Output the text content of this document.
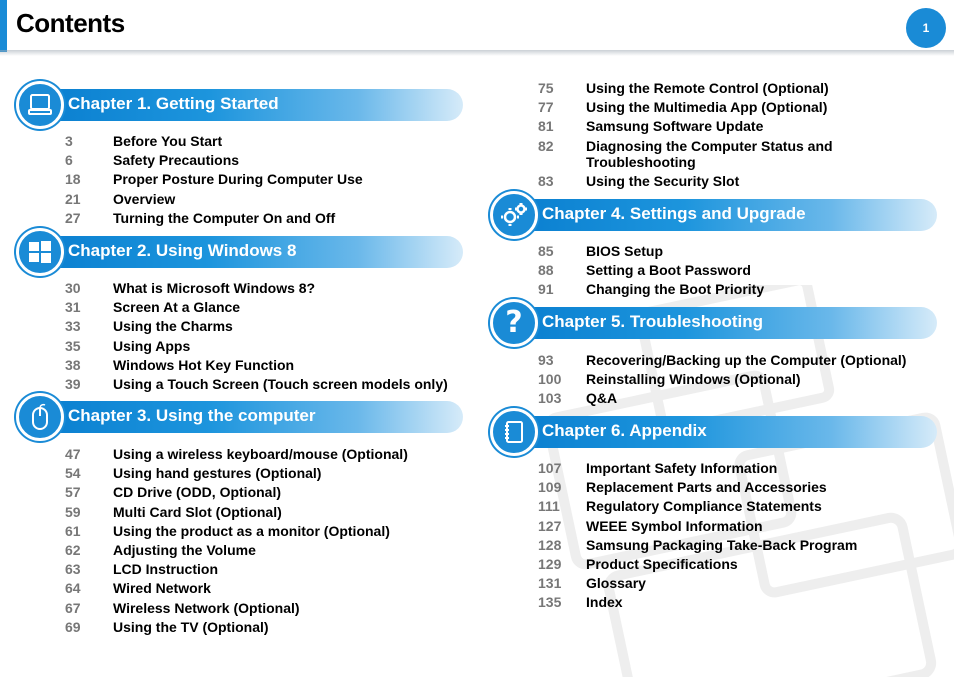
Contents	1
Chapter 1. Getting Started
3	Before You Start
6	Safety Precautions
18	Proper Posture During Computer Use
21	Overview
27	Turning the Computer On and Off
Chapter 2. Using Windows 8
30	What is Microsoft Windows 8?
31	Screen At a Glance
33	Using the Charms
35	Using Apps
38	Windows Hot Key Function
39	Using a Touch Screen (Touch screen models only)
Chapter 3. Using the computer
47	Using a wireless keyboard/mouse (Optional)
54	Using hand gestures (Optional)
57	CD Drive (ODD, Optional)
59	Multi Card Slot (Optional)
61	Using the product as a monitor (Optional)
62	Adjusting the Volume
63	LCD Instruction
64	Wired Network
67	Wireless Network (Optional)
69	Using the TV (Optional)
75	Using the Remote Control (Optional)
77	Using the Multimedia App (Optional)
81	Samsung Software Update
82	Diagnosing the Computer Status and Troubleshooting
83	Using the Security Slot
Chapter 4. Settings and Upgrade
85	BIOS Setup
88	Setting a Boot Password
91	Changing the Boot Priority
? Chapter 5. Troubleshooting
93	Recovering/Backing up the Computer (Optional)
100	Reinstalling Windows (Optional)
103	Q&A
Chapter 6. Appendix
107	Important Safety Information
109	Replacement Parts and Accessories
111	Regulatory Compliance Statements
127	WEEE Symbol Information
128	Samsung Packaging Take-Back Program
129	Product Specifications
131	Glossary
135	Index
